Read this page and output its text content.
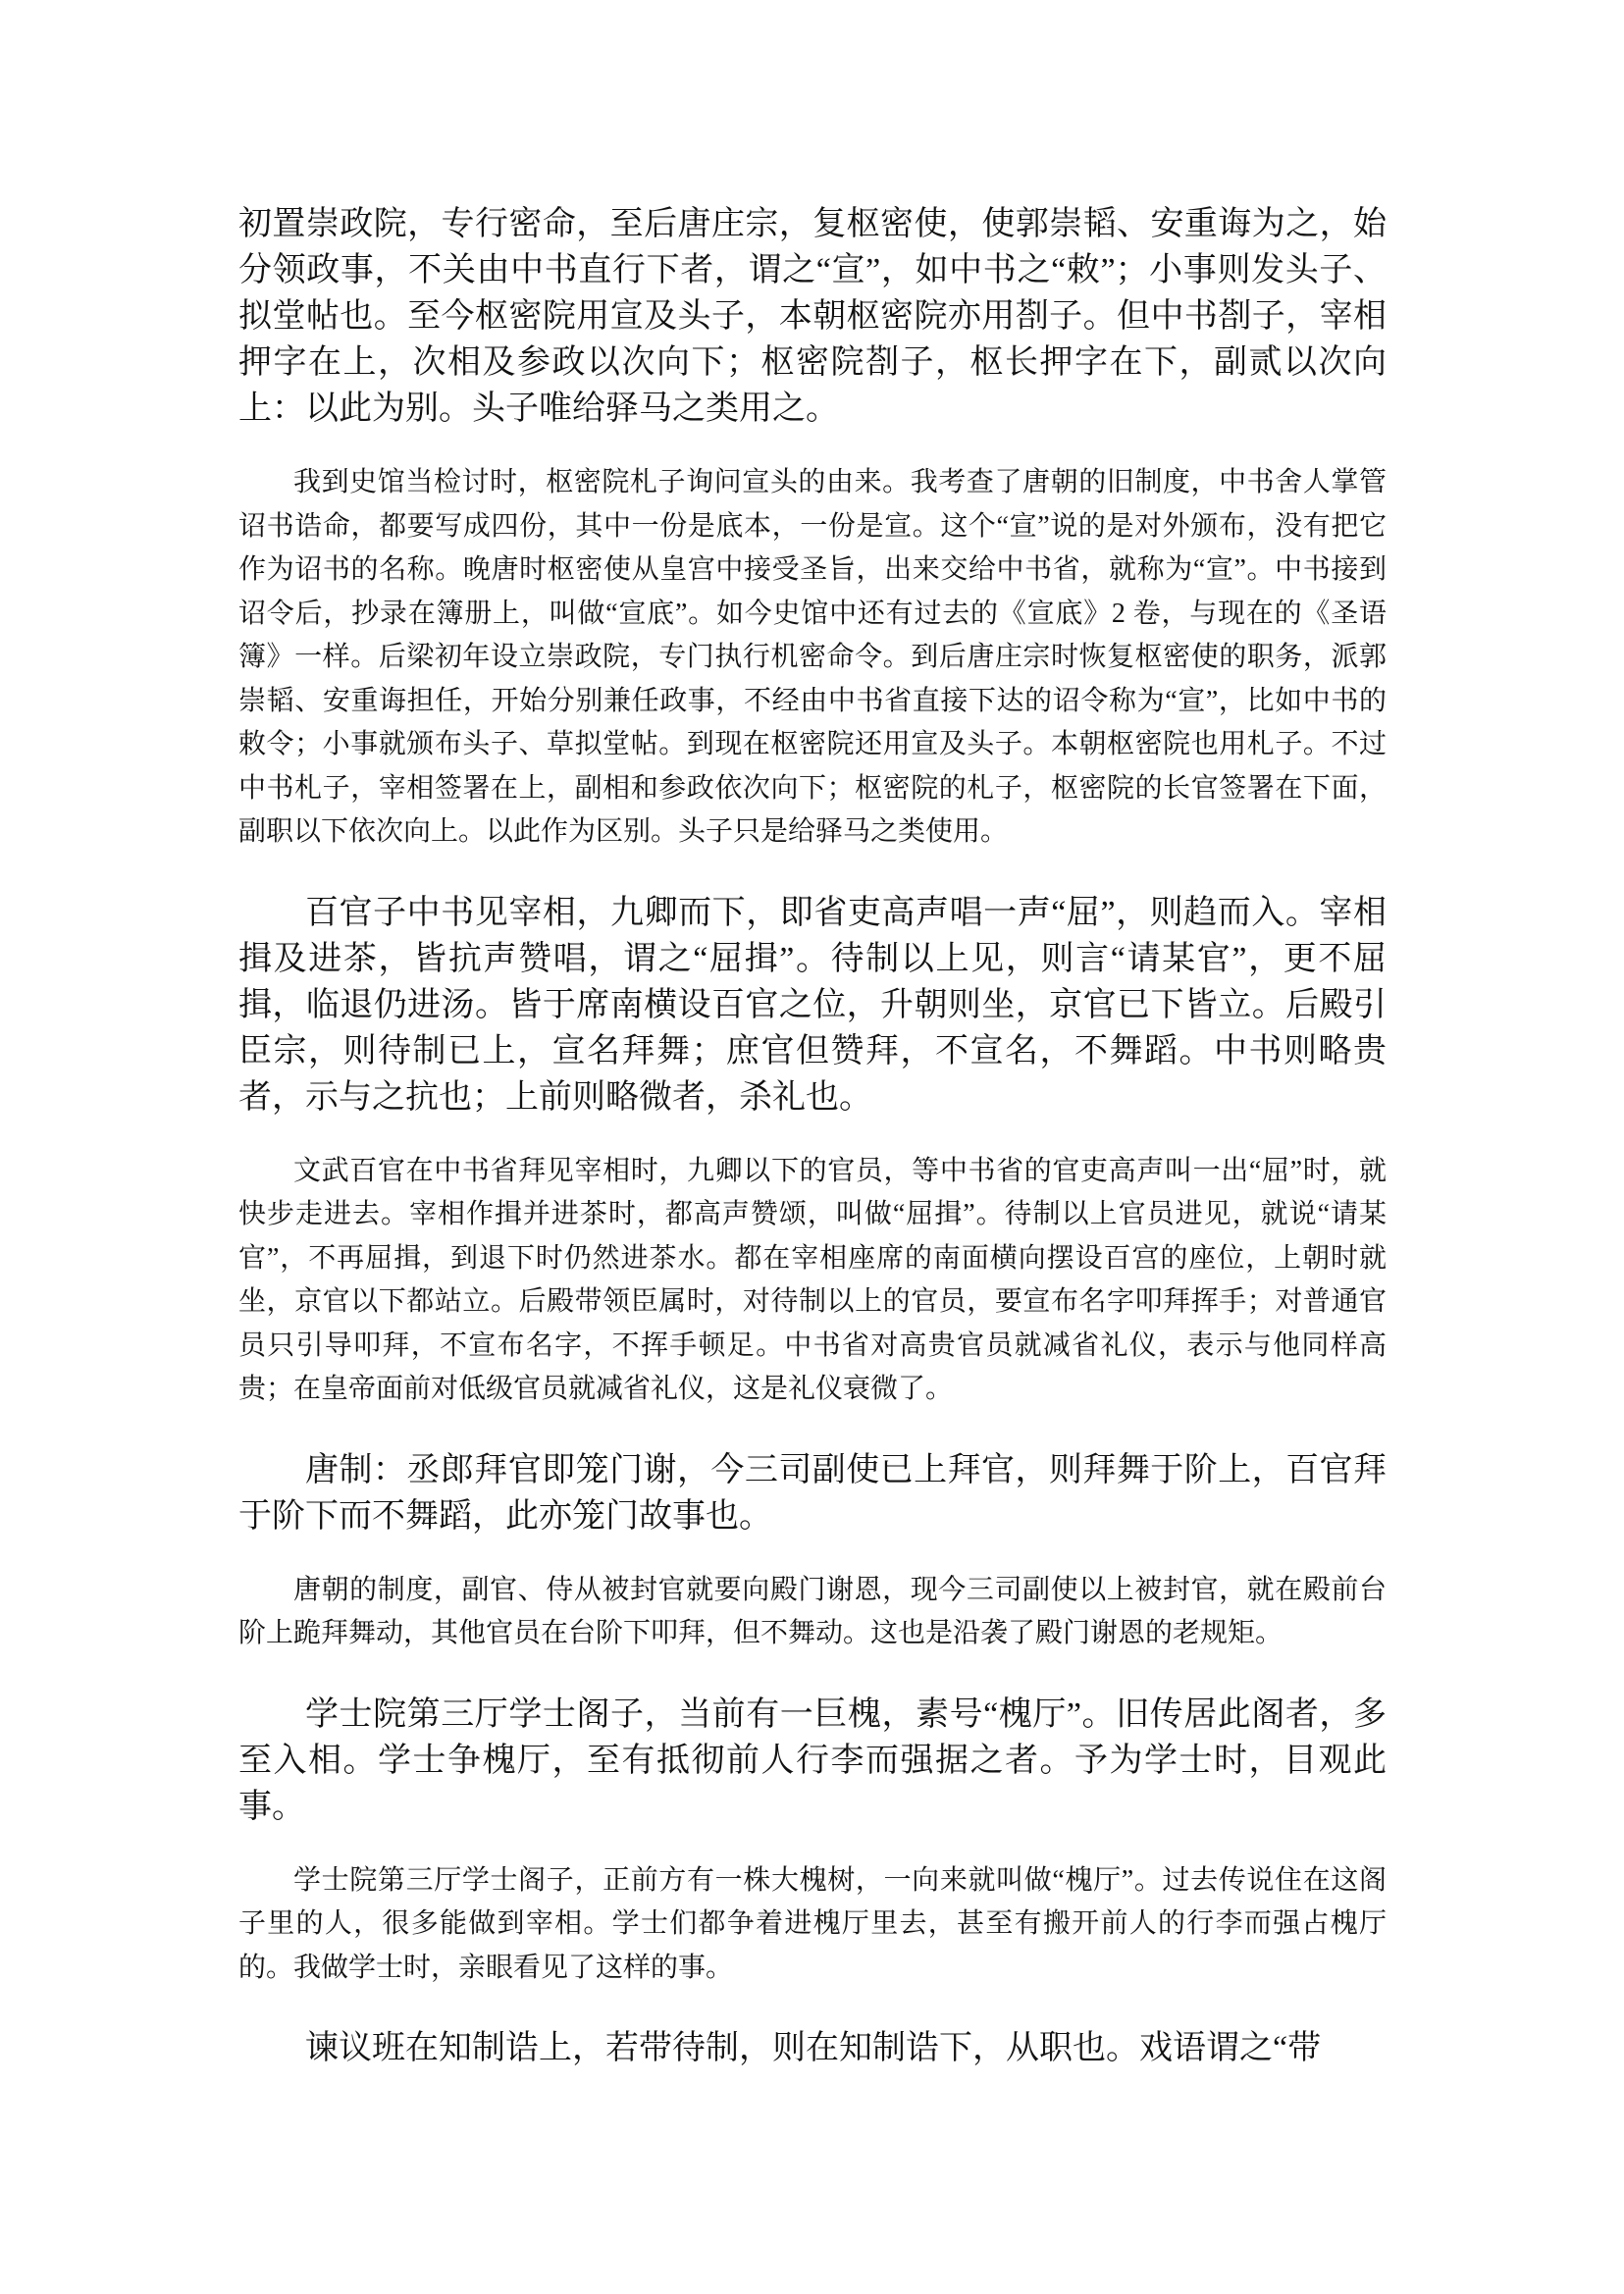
初置崇政院，专行密命，至后唐庄宗，复枢密使，使郭崇韬、安重诲为之，始分领政事，不关由中书直行下者，谓之“宣”，如中书之“敕”；小事则发头子、拟堂帖也。至今枢密院用宣及头子，本朝枢密院亦用剳子。但中书剳子，宰相押字在上，次相及参政以次向下；枢密院剳子，枢长押字在下，副贰以次向上：以此为别。头子唯给驿马之类用之。

我到史馆当检讨时，枢密院札子询问宣头的由来。我考查了唐朝的旧制度，中书舍人掌管诏书诰命，都要写成四份，其中一份是底本，一份是宣。这个“宣”说的是对外颁布，没有把它作为诏书的名称。晚唐时枢密使从皇宫中接受圣旨，出来交给中书省，就称为“宣”。中书接到诏令后，抄录在簿册上，叫做“宣底”。如今史馆中还有过去的《宣底》2 卷，与现在的《圣语簿》一样。后梁初年设立崇政院，专门执行机密命令。到后唐庄宗时恢复枢密使的职务，派郭崇韬、安重诲担任，开始分别兼任政事，不经由中书省直接下达的诏令称为“宣”，比如中书的敕令；小事就颁布头子、草拟堂帖。到现在枢密院还用宣及头子。本朝枢密院也用札子。不过中书札子，宰相签署在上，副相和参政依次向下；枢密院的札子，枢密院的长官签署在下面，副职以下依次向上。以此作为区别。头子只是给驿马之类使用。

百官子中书见宰相，九卿而下，即省吏高声唱一声“屈”，则趋而入。宰相揖及进茶，皆抗声赞唱，谓之“屈揖”。待制以上见，则言“请某官”，更不屈揖，临退仍进汤。皆于席南横设百官之位，升朝则坐，京官已下皆立。后殿引臣宗，则待制已上，宣名拜舞；庶官但赞拜，不宣名，不舞蹈。中书则略贵者，示与之抗也；上前则略微者，杀礼也。

文武百官在中书省拜见宰相时，九卿以下的官员，等中书省的官吏高声叫一出“屈”时，就快步走进去。宰相作揖并进茶时，都高声赞颂，叫做“屈揖”。待制以上官员进见，就说“请某官”，不再屈揖，到退下时仍然进茶水。都在宰相座席的南面横向摆设百宫的座位，上朝时就坐，京官以下都站立。后殿带领臣属时，对待制以上的官员，要宣布名字叩拜挥手；对普通官员只引导叩拜，不宣布名字，不挥手顿足。中书省对高贵官员就减省礼仪，表示与他同样高贵；在皇帝面前对低级官员就减省礼仪，这是礼仪衰微了。

唐制：丞郎拜官即笼门谢，今三司副使已上拜官，则拜舞于阶上，百官拜于阶下而不舞蹈，此亦笼门故事也。

唐朝的制度，副官、侍从被封官就要向殿门谢恩，现今三司副使以上被封官，就在殿前台阶上跪拜舞动，其他官员在台阶下叩拜，但不舞动。这也是沿袭了殿门谢恩的老规矩。

学士院第三厅学士阁子，当前有一巨槐，素号“槐厅”。旧传居此阁者，多至入相。学士争槐厅，至有抵彻前人行李而强据之者。予为学士时，目观此事。

学士院第三厅学士阁子，正前方有一株大槐树，一向来就叫做“槐厅”。过去传说住在这阁子里的人，很多能做到宰相。学士们都争着进槐厅里去，甚至有搬开前人的行李而强占槐厅的。我做学士时，亲眼看见了这样的事。

谏议班在知制诰上，若带待制，则在知制诰下，从职也。戏语谓之“带
